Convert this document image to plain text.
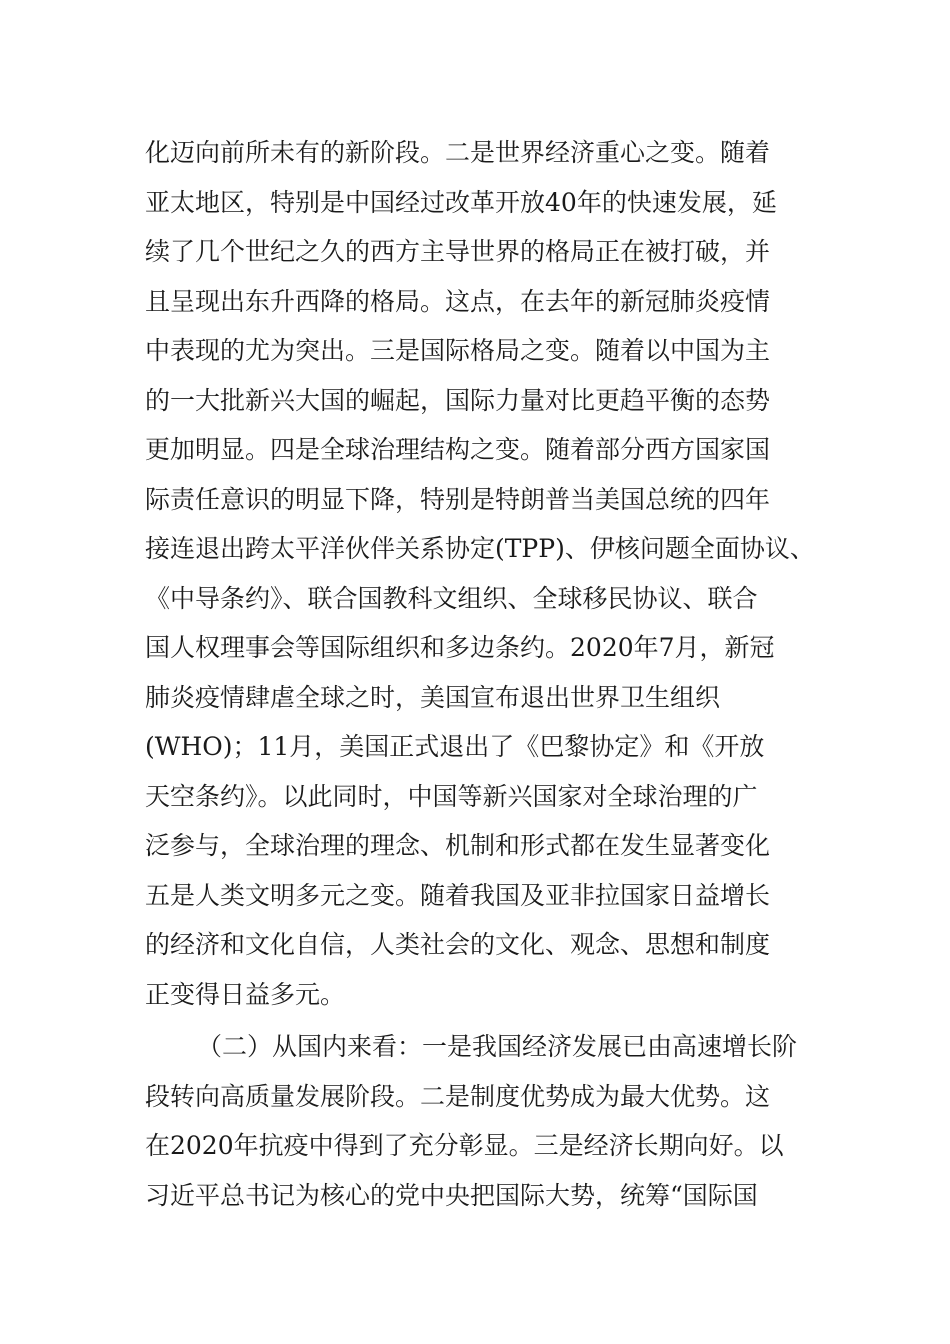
化迈向前所未有的新阶段。二是世界经济重心之变。随着
亚太地区，特别是中国经过改革开放40年的快速发展，延
续了几个世纪之久的西方主导世界的格局正在被打破，并
且呈现出东升西降的格局。这点，在去年的新冠肺炎疫情
中表现的尤为突出。三是国际格局之变。随着以中国为主
的一大批新兴大国的崛起，国际力量对比更趋平衡的态势
更加明显。四是全球治理结构之变。随着部分西方国家国
际责任意识的明显下降，特别是特朗普当美国总统的四年
接连退出跨太平洋伙伴关系协定(TPP)、伊核问题全面协议、
《中导条约》、联合国教科文组织、全球移民协议、联合
国人权理事会等国际组织和多边条约。2020年7月，新冠
肺炎疫情肆虐全球之时，美国宣布退出世界卫生组织
(WHO)；11月，美国正式退出了《巴黎协定》和《开放
天空条约》。以此同时，中国等新兴国家对全球治理的广
泛参与，全球治理的理念、机制和形式都在发生显著变化
五是人类文明多元之变。随着我国及亚非拉国家日益增长
的经济和文化自信，人类社会的文化、观念、思想和制度
正变得日益多元。
（二）从国内来看：一是我国经济发展已由高速增长阶
段转向高质量发展阶段。二是制度优势成为最大优势。这
在2020年抗疫中得到了充分彰显。三是经济长期向好。以
习近平总书记为核心的党中央把国际大势，统筹“国际国
